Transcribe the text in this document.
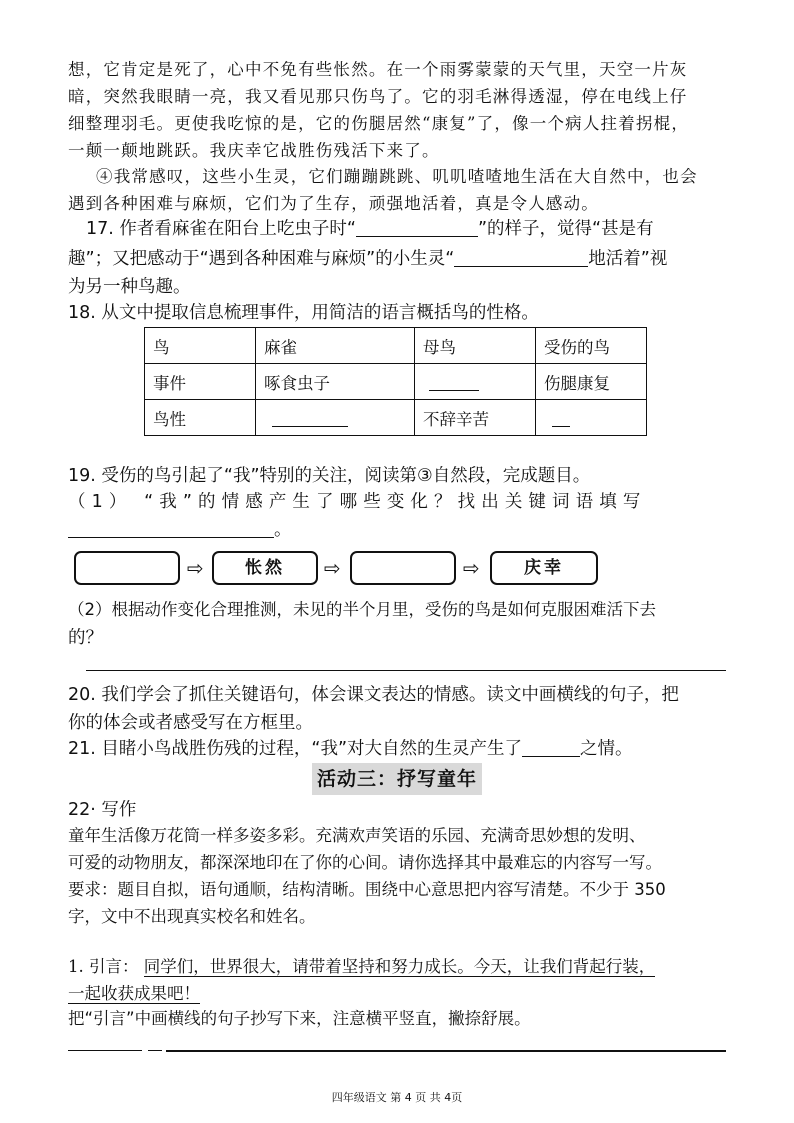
想，它肯定是死了，心中不免有些怅然。在一个雨雾蒙蒙的天气里，天空一片灰
暗，突然我眼睛一亮，我又看见那只伤鸟了。它的羽毛淋得透湿，停在电线上仔
细整理羽毛。更使我吃惊的是，它的伤腿居然“康复”了，像一个病人拄着拐棍，
一颠一颠地跳跃。我庆幸它战胜伤残活下来了。
④我常感叹，这些小生灵，它们蹦蹦跳跳、叽叽喳喳地生活在大自然中，也会
遇到各种困难与麻烦，它们为了生存，顽强地活着，真是令人感动。
17. 作者看麻雀在阳台上吃虫子时“	”的样子，觉得“甚是有
趣”；又把感动于“遇到各种困难与麻烦”的小生灵“	地活着”视
为另一种鸟趣。
18. 从文中提取信息梳理事件，用简洁的语言概括鸟的性格。
鸟	麻雀	母鸟	受伤的鸟
事件	啄食虫子		伤腿康复
鸟性		不辞辛苦	
19. 受伤的鸟引起了“我”特别的关注，阅读第③自然段，完成题目。
（1） “我”的情感产生了哪些变化？找出关键词语填写
。
⇨	怅然	⇨	⇨	庆幸
（2）根据动作变化合理推测，未见的半个月里，受伤的鸟是如何克服困难活下去
的？
20. 我们学会了抓住关键语句，体会课文表达的情感。读文中画横线的句子，把
你的体会或者感受写在方框里。
21. 目睹小鸟战胜伤残的过程，“我”对大自然的生灵产生了	之情。
活动三：抒写童年
22· 写作
童年生活像万花筒一样多姿多彩。充满欢声笑语的乐园、充满奇思妙想的发明、
可爱的动物朋友，都深深地印在了你的心间。请你选择其中最难忘的内容写一写。
要求：题目自拟，语句通顺，结构清晰。围绕中心意思把内容写清楚。不少于 350
字，文中不出现真实校名和姓名。
1. 引言： 同学们，世界很大，请带着坚持和努力成长。今天，让我们背起行装，
一起收获成果吧！
把“引言”中画横线的句子抄写下来，注意横平竖直，撇捺舒展。
四年级语文 第 4 页 共 4页
